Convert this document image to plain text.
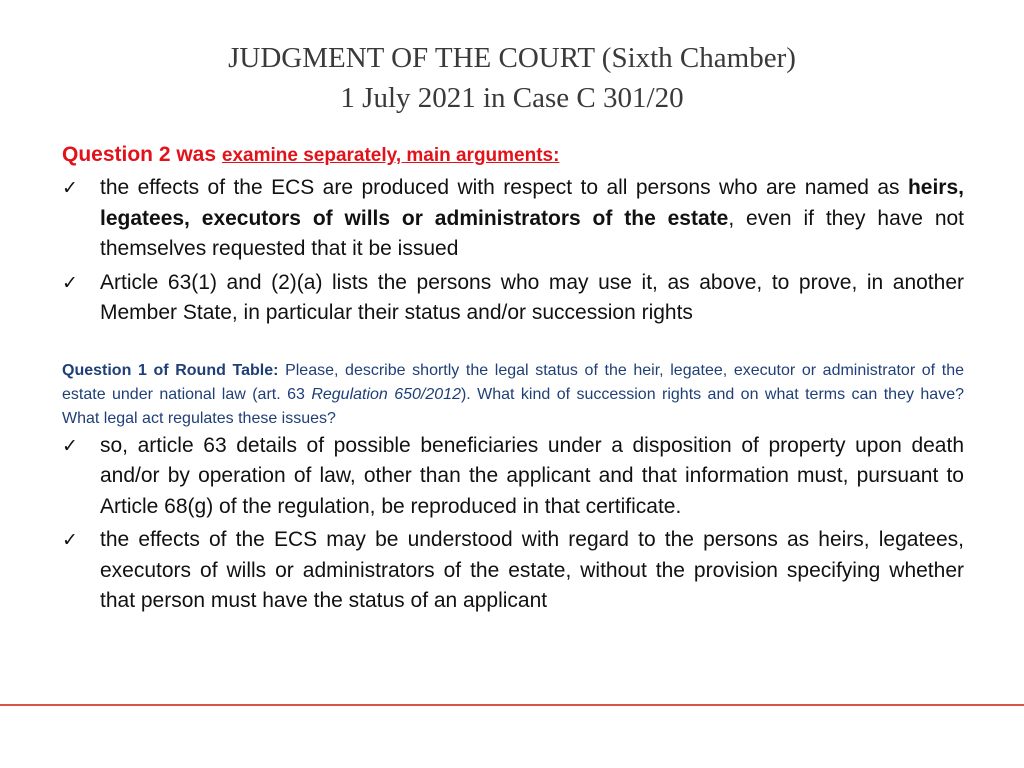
JUDGMENT OF THE COURT (Sixth Chamber)
1 July 2021 in Case C 301/20
Question 2 was examine separately, main arguments:
✓ the effects of the ECS are produced with respect to all persons who are named as heirs, legatees, executors of wills or administrators of the estate, even if they have not themselves requested that it be issued
✓ Article 63(1) and (2)(a) lists the persons who may use it, as above, to prove, in another Member State, in particular their status and/or succession rights
Question 1 of Round Table: Please, describe shortly the legal status of the heir, legatee, executor or administrator of the estate under national law (art. 63 Regulation 650/2012). What kind of succession rights and on what terms can they have? What legal act regulates these issues?
✓ so, article 63 details of possible beneficiaries under a disposition of property upon death and/or by operation of law, other than the applicant and that information must, pursuant to Article 68(g) of the regulation, be reproduced in that certificate.
✓ the effects of the ECS may be understood with regard to the persons as heirs, legatees, executors of wills or administrators of the estate, without the provision specifying whether that person must have the status of an applicant
